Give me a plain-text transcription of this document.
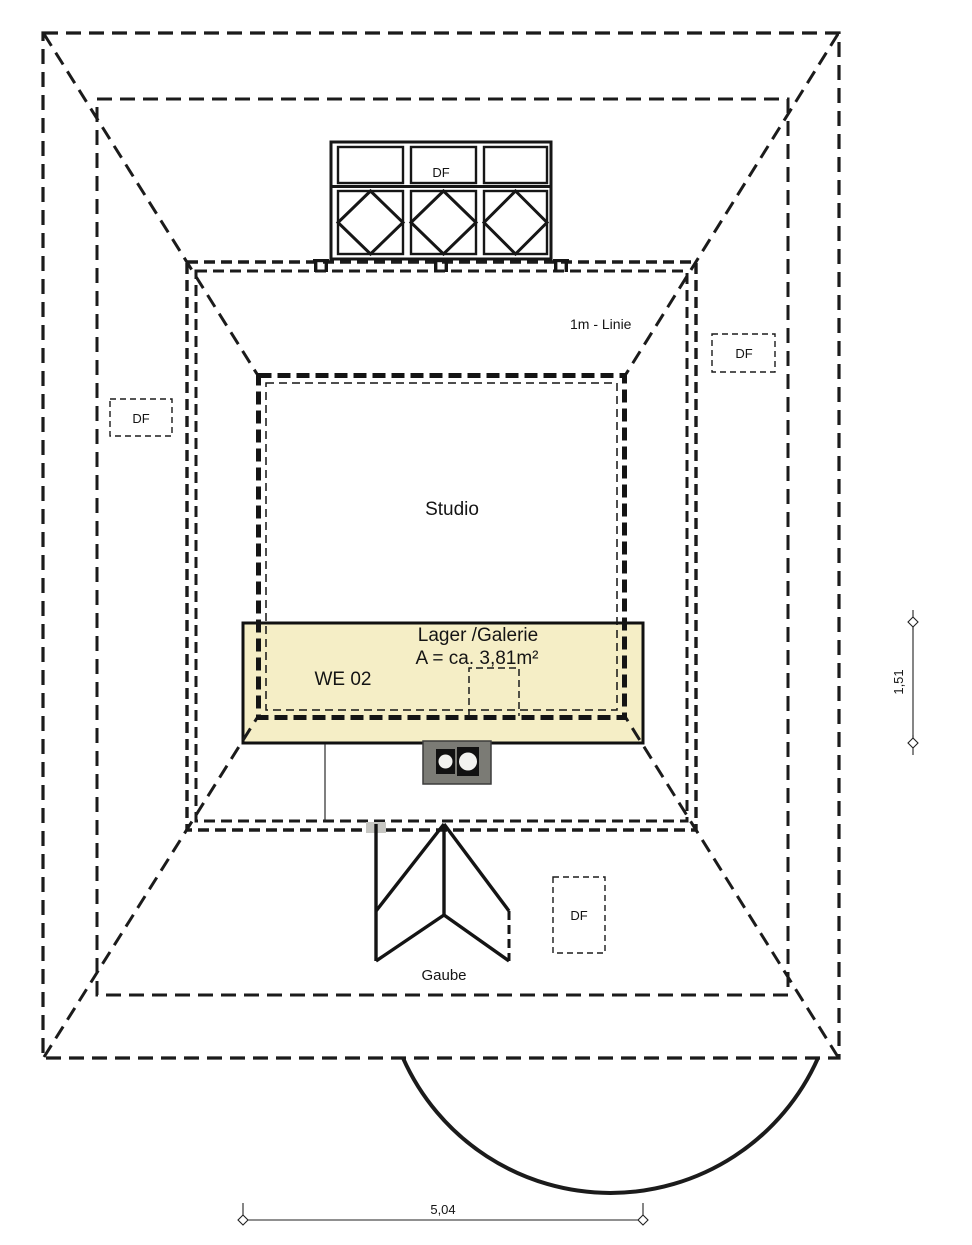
Studio
Lager /Galerie
A = ca. 3,81m²
WE 02
1m - Linie
Gaube
DF
DF
DF
DF
5,04
1,51
